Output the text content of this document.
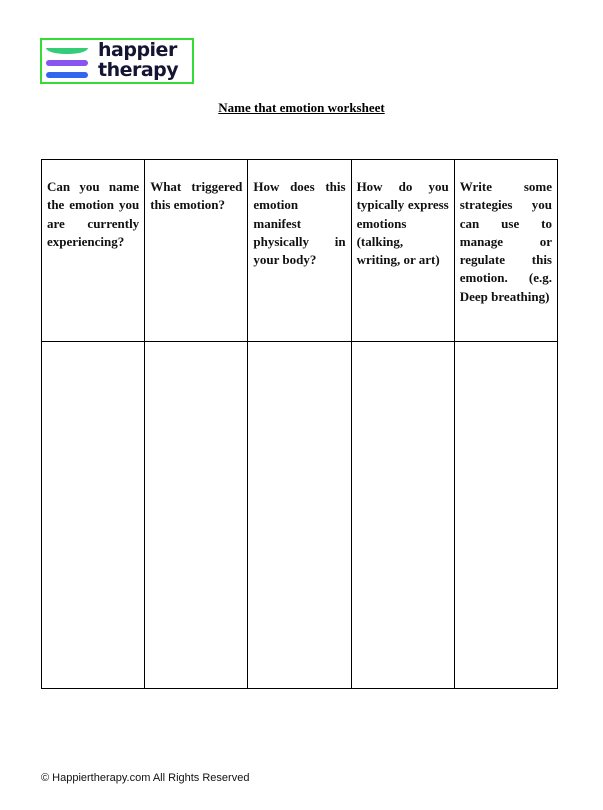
happier
therapy
Name that emotion worksheet
Can you name the emotion you are currently experiencing?	What triggered this emotion?	How does this emotion manifest physically in your body?	How do you typically express emotions (talking, writing, or art)	Write some strategies you can use to manage or regulate this emotion. (e.g. Deep breathing)

© Happiertherapy.com All Rights Reserved
